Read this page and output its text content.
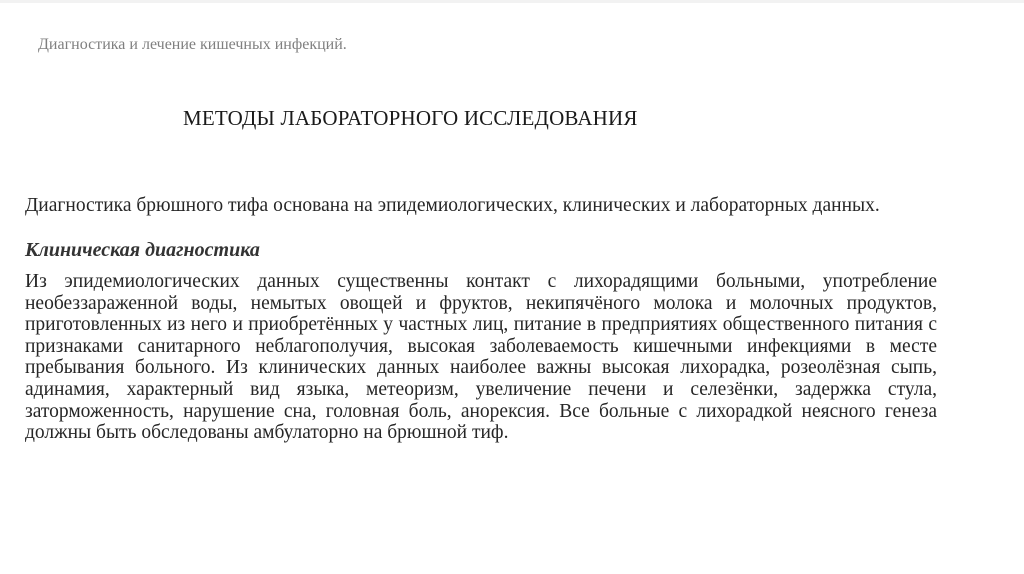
Диагностика и лечение кишечных инфекций.
МЕТОДЫ ЛАБОРАТОРНОГО ИССЛЕДОВАНИЯ

Диагностика брюшного тифа основана на эпидемиологических, клинических и лабораторных данных.

Клиническая диагностика

Из эпидемиологических данных существенны контакт с лихорадящими больными, употребление необеззараженной воды, немытых овощей и фруктов, некипячёного молока и молочных продуктов, приготовленных из него и приобретённых у частных лиц, питание в предприятиях общественного питания с признаками санитарного неблагополучия, высокая заболеваемость кишечными инфекциями в месте пребывания больного. Из клинических данных наиболее важны высокая лихорадка, розеолёзная сыпь, адинамия, характерный вид языка, метеоризм, увеличение печени и селезёнки, задержка стула, заторможенность, нарушение сна, головная боль, анорексия. Все больные с лихорадкой неясного генеза должны быть обследованы амбулаторно на брюшной тиф.
